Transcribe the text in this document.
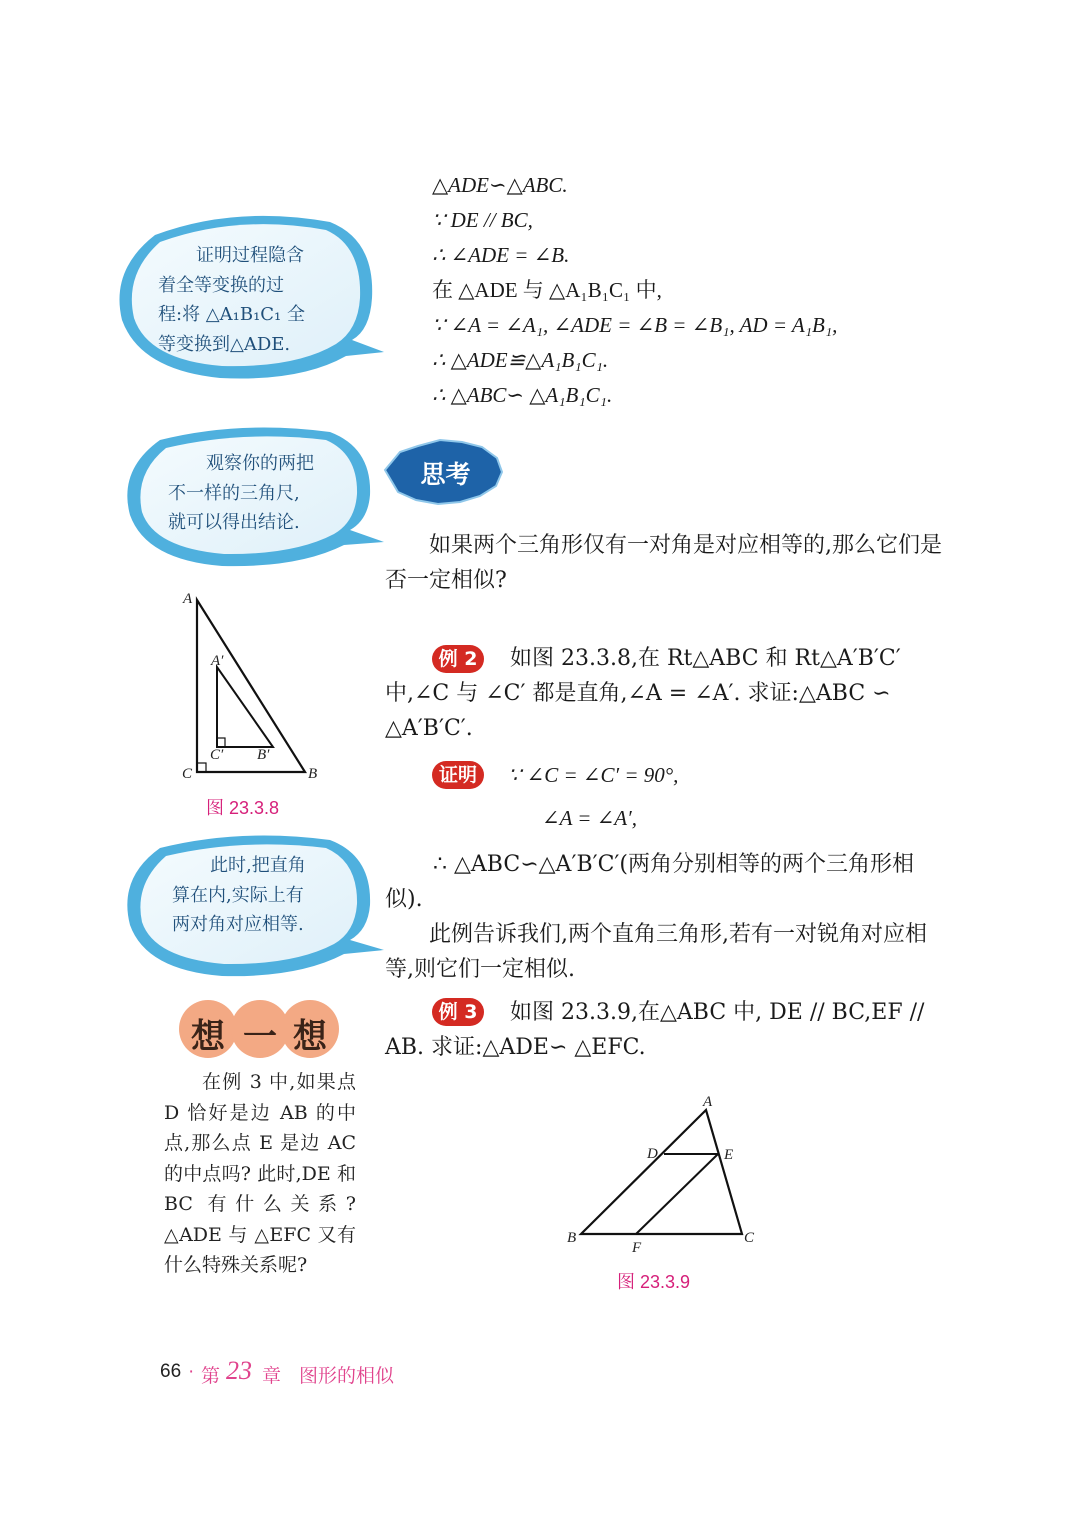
△ADE∽△ABC.
∵ DE // BC,
∴ ∠ADE = ∠B.
在 △ADE 与 △A₁B₁C₁ 中,
∵ ∠A = ∠A₁, ∠ADE = ∠B = ∠B₁, AD = A₁B₁,
∴ △ADE≌△A₁B₁C₁.
∴ △ABC∽ △A₁B₁C₁.
证明过程隐含
着全等变换的过
程:将 △A₁B₁C₁ 全
等变换到△ADE.
观察你的两把
不一样的三角尺,
就可以得出结论.
此时,把直角
算在内,实际上有
两对角对应相等.
思考
如果两个三角形仅有一对角是对应相等的,那么它们是否一定相似?
例 2	如图 23.3.8,在 Rt△ABC 和 Rt△A′B′C′中,∠C 与 ∠C′ 都是直角,∠A = ∠A′. 求证:△ABC ∽ △A′B′C′.
证明	∵ ∠C = ∠C′ = 90°,
∠A = ∠A′,
∴ △ABC∽△A′B′C′(两角分别相等的两个三角形相似).
此例告诉我们,两个直角三角形,若有一对锐角对应相等,则它们一定相似.
例 3	如图 23.3.9,在△ABC 中, DE // BC,EF // AB. 求证:△ADE∽ △EFC.
想 一 想
在例 3 中,如果点 D 恰好是边 AB 的中点,那么点 E 是边 AC 的中点吗? 此时,DE 和 BC 有什么关系? △ADE 与 △EFC 又有什么特殊关系呢?
A
A′
C′ B′
C	B
图 23.3.8
A
D	E
B
F
C
图 23.3.9
66 · 第 23 章 图形的相似
